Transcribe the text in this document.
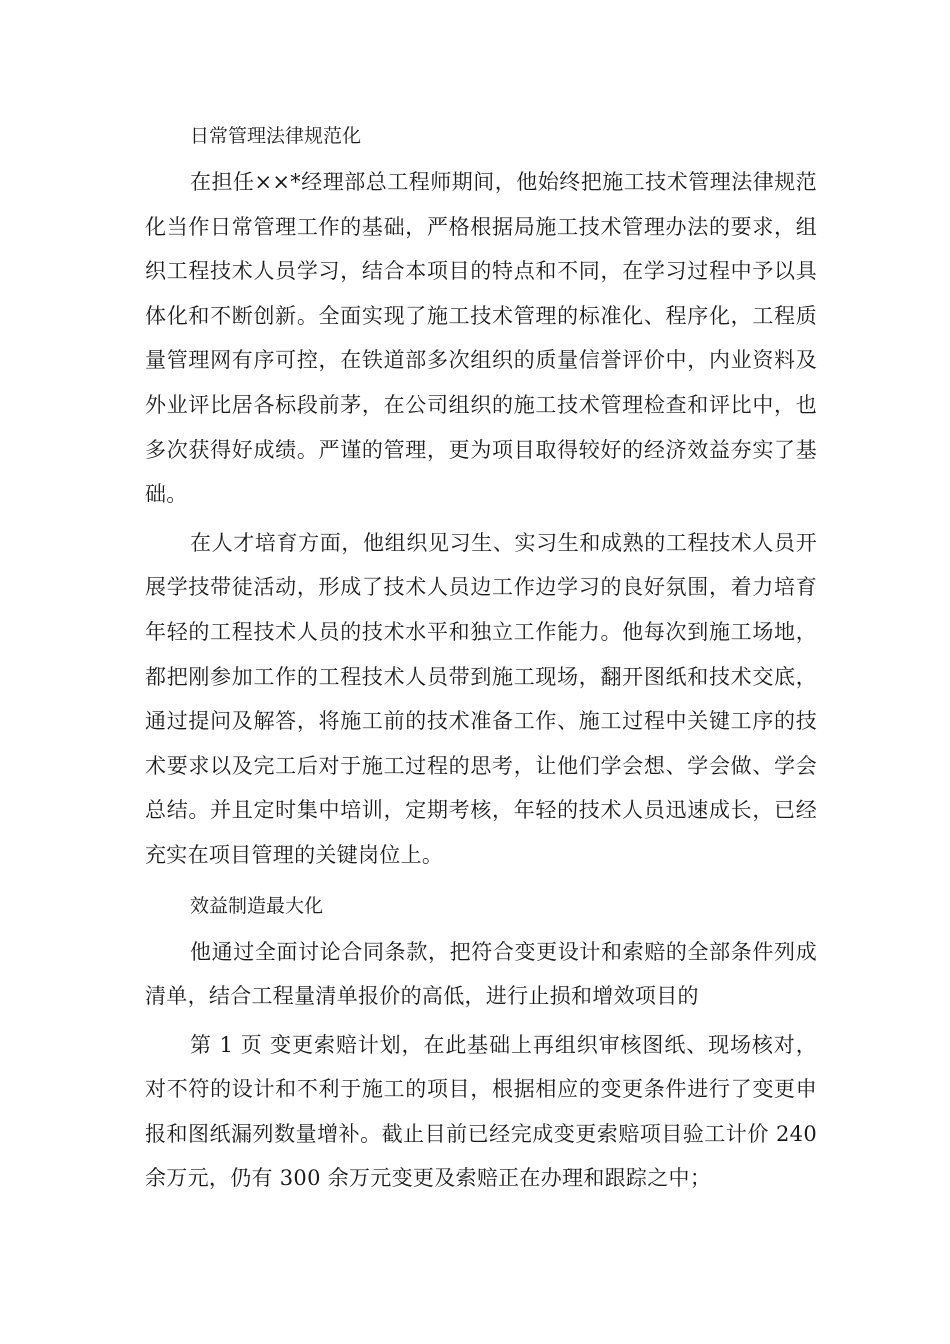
日常管理法律规范化

在担任××*经理部总工程师期间，他始终把施工技术管理法律规范化当作日常管理工作的基础，严格根据局施工技术管理办法的要求，组织工程技术人员学习，结合本项目的特点和不同，在学习过程中予以具体化和不断创新。全面实现了施工技术管理的标准化、程序化，工程质量管理网有序可控，在铁道部多次组织的质量信誉评价中，内业资料及外业评比居各标段前茅，在公司组织的施工技术管理检查和评比中，也多次获得好成绩。严谨的管理，更为项目取得较好的经济效益夯实了基础。

在人才培育方面，他组织见习生、实习生和成熟的工程技术人员开展学技带徒活动，形成了技术人员边工作边学习的良好氛围，着力培育年轻的工程技术人员的技术水平和独立工作能力。他每次到施工场地，都把刚参加工作的工程技术人员带到施工现场，翻开图纸和技术交底，通过提问及解答，将施工前的技术准备工作、施工过程中关键工序的技术要求以及完工后对于施工过程的思考，让他们学会想、学会做、学会总结。并且定时集中培训，定期考核，年轻的技术人员迅速成长，已经充实在项目管理的关键岗位上。

效益制造最大化

他通过全面讨论合同条款，把符合变更设计和索赔的全部条件列成清单，结合工程量清单报价的高低，进行止损和增效项目的

第 1 页 变更索赔计划，在此基础上再组织审核图纸、现场核对，对不符的设计和不利于施工的项目，根据相应的变更条件进行了变更申报和图纸漏列数量增补。截止目前已经完成变更索赔项目验工计价 240 余万元，仍有 300 余万元变更及索赔正在办理和跟踪之中；
